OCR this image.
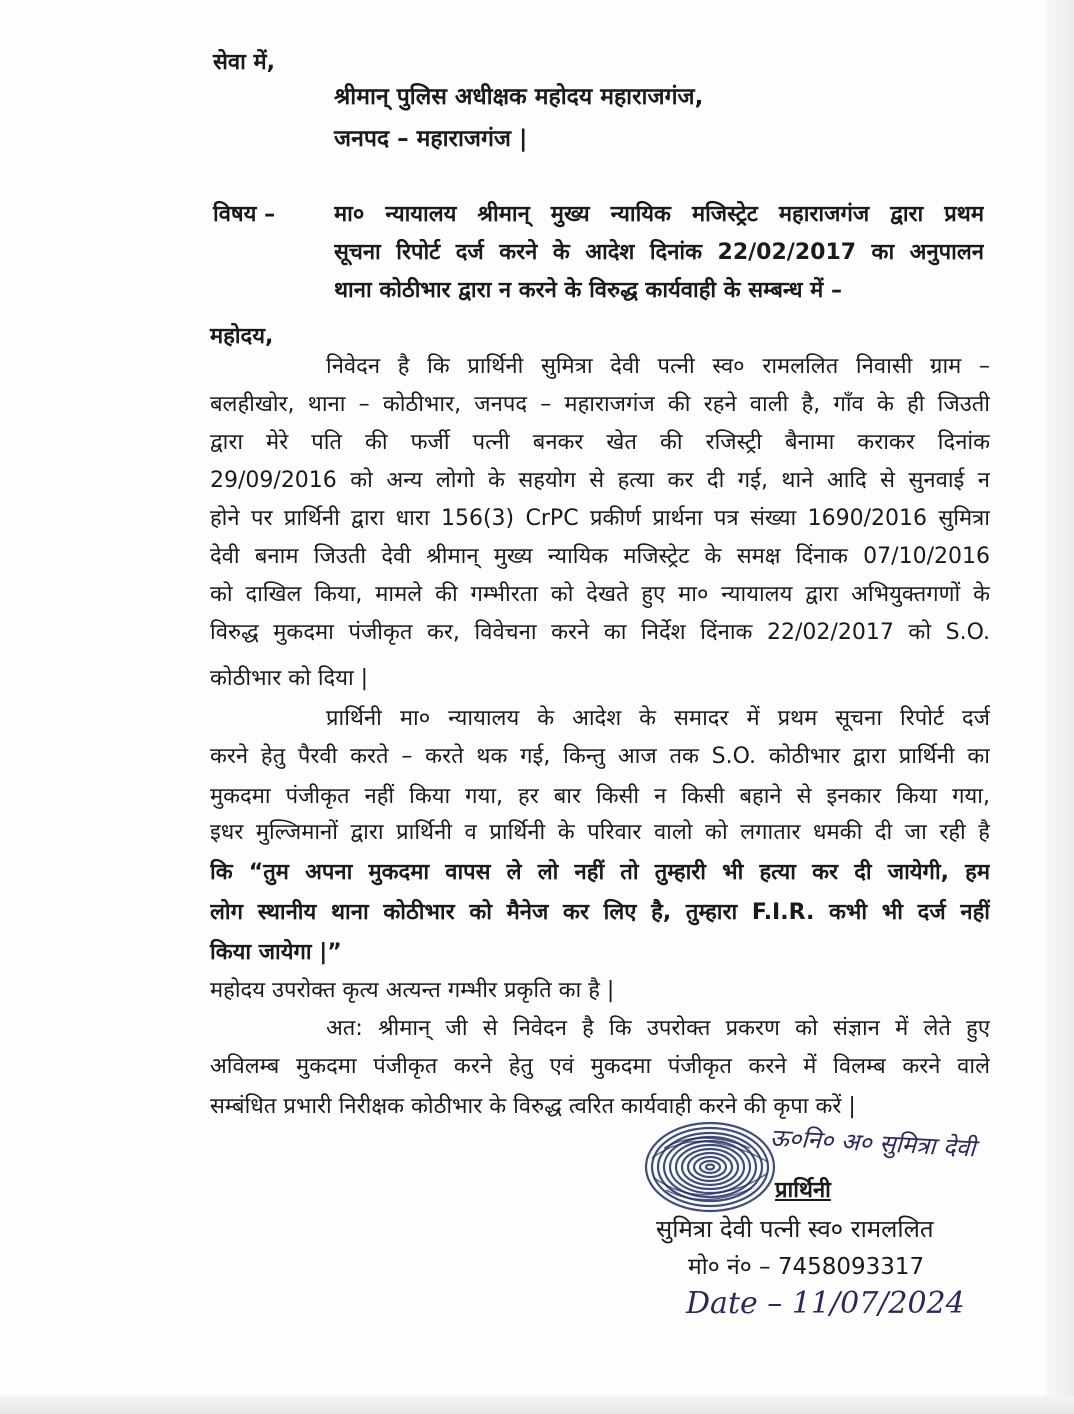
सेवा में,
श्रीमान् पुलिस अधीक्षक महोदय महाराजगंज,
जनपद – महाराजगंज |
विषय –	मा० न्यायालय श्रीमान् मुख्य न्यायिक मजिस्ट्रेट महाराजगंज द्वारा प्रथम
सूचना रिपोर्ट दर्ज करने के आदेश दिनांक 22/02/2017 का अनुपालन
थाना कोठीभार द्वारा न करने के विरुद्ध कार्यवाही के सम्बन्ध में –
महोदय,
निवेदन है कि प्रार्थिनी सुमित्रा देवी पत्नी स्व० रामललित निवासी ग्राम –
बलहीखोर, थाना – कोठीभार, जनपद – महाराजगंज की रहने वाली है, गाँव के ही जिउती
द्वारा मेरे पति की फर्जी पत्नी बनकर खेत की रजिस्ट्री बैनामा कराकर दिनांक
29/09/2016 को अन्य लोगो के सहयोग से हत्या कर दी गई, थाने आदि से सुनवाई न
होने पर प्रार्थिनी द्वारा धारा 156(3) CrPC प्रकीर्ण प्रार्थना पत्र संख्या 1690/2016 सुमित्रा
देवी बनाम जिउती देवी श्रीमान् मुख्य न्यायिक मजिस्ट्रेट के समक्ष दिंनाक 07/10/2016
को दाखिल किया, मामले की गम्भीरता को देखते हुए मा० न्यायालय द्वारा अभियुक्तगणों के
विरुद्ध मुकदमा पंजीकृत कर, विवेचना करने का निर्देश दिंनाक 22/02/2017 को S.O.
कोठीभार को दिया |
प्रार्थिनी मा० न्यायालय के आदेश के समादर में प्रथम सूचना रिपोर्ट दर्ज
करने हेतु पैरवी करते – करते थक गई, किन्तु आज तक S.O. कोठीभार द्वारा प्रार्थिनी का
मुकदमा पंजीकृत नहीं किया गया, हर बार किसी न किसी बहाने से इनकार किया गया,
इधर मुल्जिमानों द्वारा प्रार्थिनी व प्रार्थिनी के परिवार वालो को लगातार धमकी दी जा रही है
कि “तुम अपना मुकदमा वापस ले लो नहीं तो तुम्हारी भी हत्या कर दी जायेगी, हम
लोग स्थानीय थाना कोठीभार को मैनेज कर लिए है, तुम्हारा F.I.R. कभी भी दर्ज नहीं
किया जायेगा |”
महोदय उपरोक्त कृत्य अत्यन्त गम्भीर प्रकृति का है |
अत: श्रीमान् जी से निवेदन है कि उपरोक्त प्रकरण को संज्ञान में लेते हुए
अविलम्ब मुकदमा पंजीकृत करने हेतु एवं मुकदमा पंजीकृत करने में विलम्ब करने वाले
सम्बंधित प्रभारी निरीक्षक कोठीभार के विरुद्ध त्वरित कार्यवाही करने की कृपा करें |
ऊ०नि० अ० सुमित्रा देवी
प्रार्थिनी
सुमित्रा देवी पत्नी स्व० रामललित
मो० नं० – 7458093317
Date – 11/07/2024
